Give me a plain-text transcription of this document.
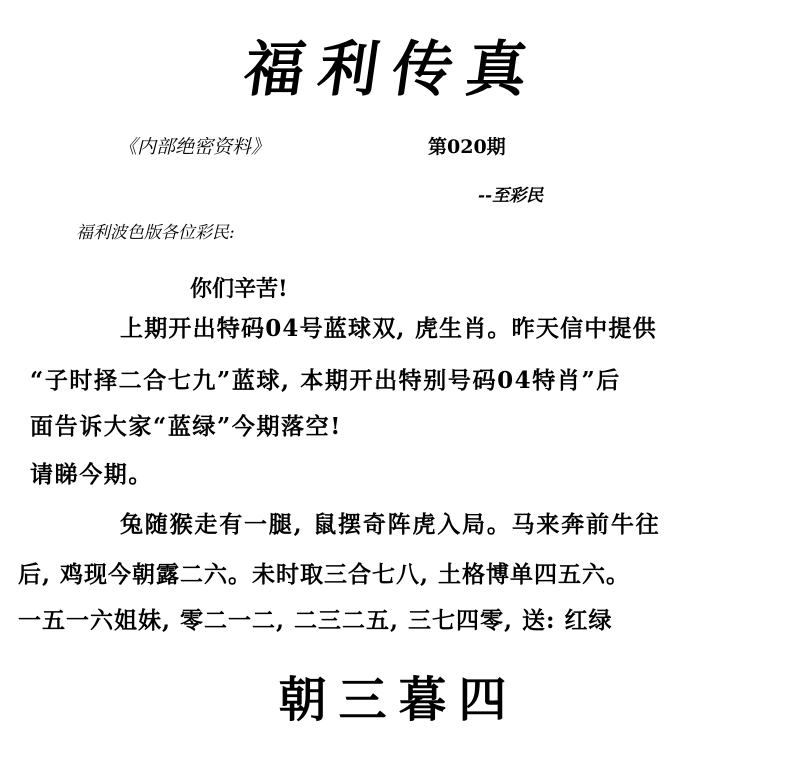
福利传真
《内部绝密资料》	第020期
--至彩民
福利波色版各位彩民:
你们辛苦!
上期开出特码04号蓝球双, 虎生肖。昨天信中提供
“子时择二合七九”蓝球, 本期开出特别号码04特肖”后
面告诉大家“蓝绿”今期落空!
请睇今期。
兔随猴走有一腿, 鼠摆奇阵虎入局。马来奔前牛往
后, 鸡现今朝露二六。未时取三合七八, 土格博单四五六。
一五一六姐妹, 零二一二, 二三二五, 三七四零, 送: 红绿
朝三暮四
